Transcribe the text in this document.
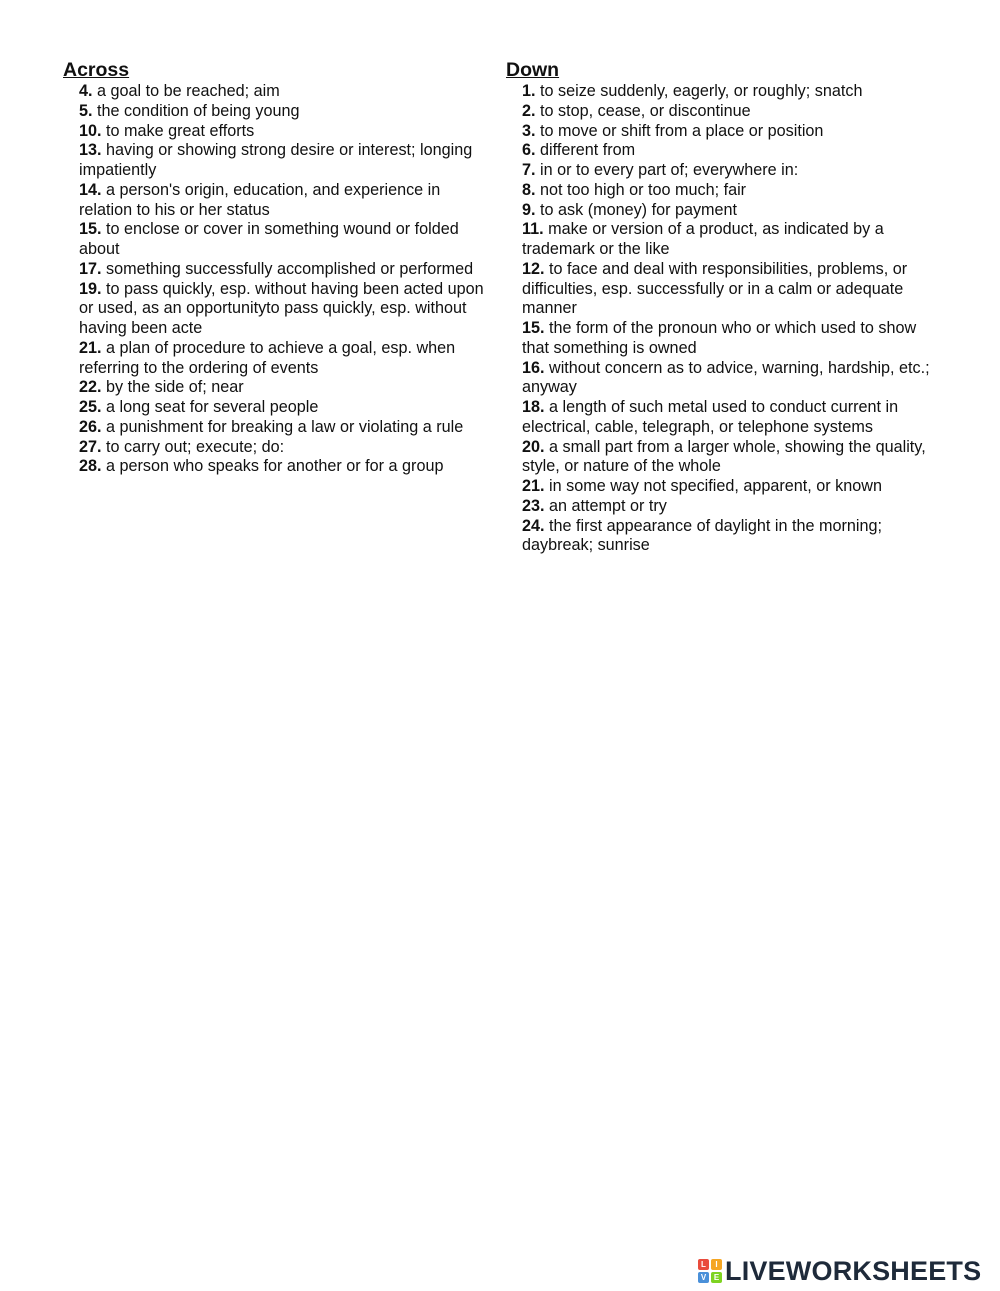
Across
4. a goal to be reached; aim
5. the condition of being young
10. to make great efforts
13. having or showing strong desire or interest; longing impatiently
14. a person's origin, education, and experience in relation to his or her status
15. to enclose or cover in something wound or folded about
17. something successfully accomplished or performed
19. to pass quickly, esp. without having been acted upon or used, as an opportunityto pass quickly, esp. without having been acte
21. a plan of procedure to achieve a goal, esp. when referring to the ordering of events
22. by the side of; near
25. a long seat for several people
26. a punishment for breaking a law or violating a rule
27. to carry out; execute; do:
28. a person who speaks for another or for a group
Down
1. to seize suddenly, eagerly, or roughly; snatch
2. to stop, cease, or discontinue
3. to move or shift from a place or position
6. different from
7. in or to every part of; everywhere in:
8. not too high or too much; fair
9. to ask (money) for payment
11. make or version of a product, as indicated by a trademark or the like
12. to face and deal with responsibilities, problems, or difficulties, esp. successfully or in a calm or adequate manner
15. the form of the pronoun who or which used to show that something is owned
16. without concern as to advice, warning, hardship, etc.; anyway
18. a length of such metal used to conduct current in electrical, cable, telegraph, or telephone systems
20. a small part from a larger whole, showing the quality, style, or nature of the whole
21. in some way not specified, apparent, or known
23. an attempt or try
24. the first appearance of daylight in the morning; daybreak; sunrise
L	I
V E LIVEWORKSHEETS
